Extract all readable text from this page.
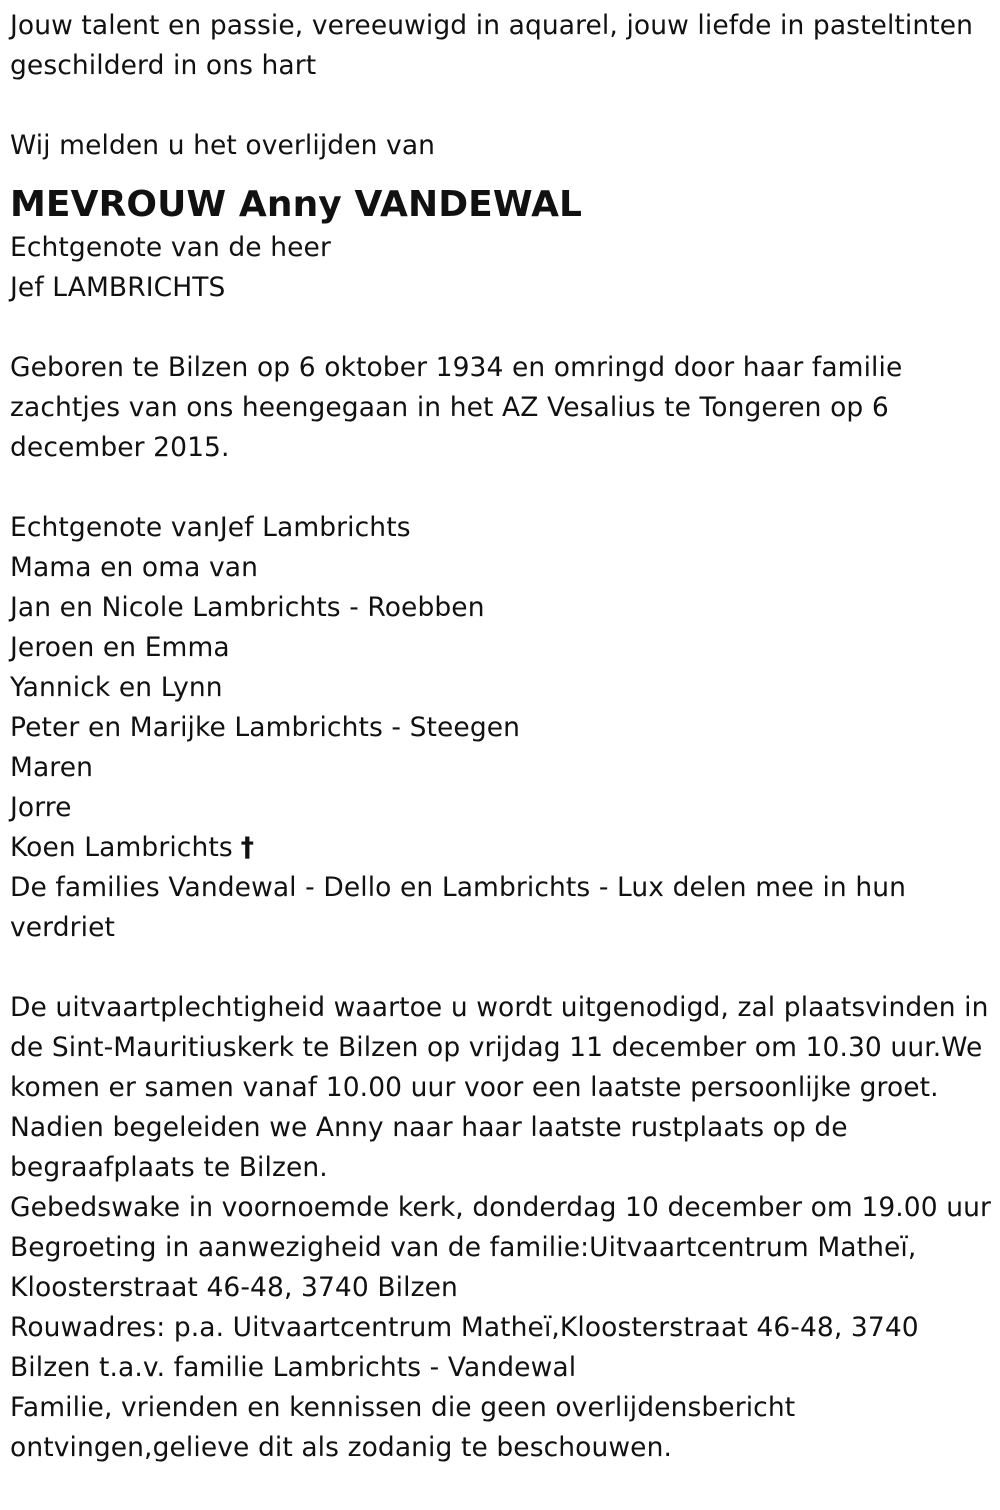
Jouw talent en passie, vereeuwigd in aquarel, jouw liefde in pasteltinten
geschilderd in ons hart
Wij melden u het overlijden van
MEVROUW Anny VANDEWAL
Echtgenote van de heer
Jef LAMBRICHTS
Geboren te Bilzen op 6 oktober 1934 en omringd door haar familie
zachtjes van ons heengegaan in het AZ Vesalius te Tongeren op 6
december 2015.
Echtgenote vanJef Lambrichts
Mama en oma van
Jan en Nicole Lambrichts - Roebben
Jeroen en Emma
Yannick en Lynn
Peter en Marijke Lambrichts - Steegen
Maren
Jorre
Koen Lambrichts †
De families Vandewal - Dello en Lambrichts - Lux delen mee in hun
verdriet
De uitvaartplechtigheid waartoe u wordt uitgenodigd, zal plaatsvinden in
de Sint-Mauritiuskerk te Bilzen op vrijdag 11 december om 10.30 uur.We
komen er samen vanaf 10.00 uur voor een laatste persoonlijke groet.
Nadien begeleiden we Anny naar haar laatste rustplaats op de
begraafplaats te Bilzen.
Gebedswake in voornoemde kerk, donderdag 10 december om 19.00 uur
Begroeting in aanwezigheid van de familie:Uitvaartcentrum Matheï,
Kloosterstraat 46-48, 3740 Bilzen
Rouwadres: p.a. Uitvaartcentrum Matheï,Kloosterstraat 46-48, 3740
Bilzen t.a.v. familie Lambrichts - Vandewal
Familie, vrienden en kennissen die geen overlijdensbericht
ontvingen,gelieve dit als zodanig te beschouwen.
